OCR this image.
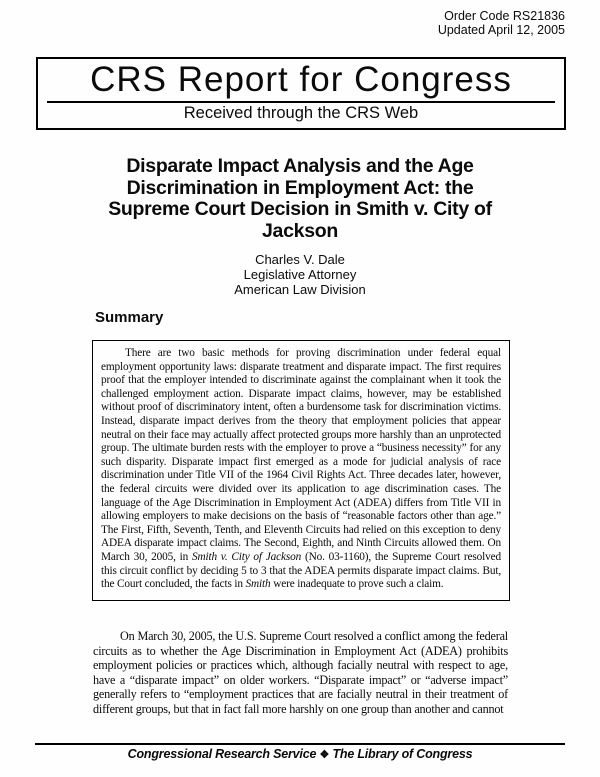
Order Code RS21836
Updated April 12, 2005
CRS Report for Congress
Received through the CRS Web
Disparate Impact Analysis and the Age
Discrimination in Employment Act: the
Supreme Court Decision in Smith v. City of
Jackson
Charles V. Dale
Legislative Attorney
American Law Division
Summary

There are two basic methods for proving discrimination under federal equal employment opportunity laws: disparate treatment and disparate impact. The first requires proof that the employer intended to discriminate against the complainant when it took the challenged employment action. Disparate impact claims, however, may be established without proof of discriminatory intent, often a burdensome task for discrimination victims. Instead, disparate impact derives from the theory that employment policies that appear neutral on their face may actually affect protected groups more harshly than an unprotected group. The ultimate burden rests with the employer to prove a “business necessity” for any such disparity. Disparate impact first emerged as a mode for judicial analysis of race discrimination under Title VII of the 1964 Civil Rights Act. Three decades later, however, the federal circuits were divided over its application to age discrimination cases. The language of the Age Discrimination in Employment Act (ADEA) differs from Title VII in allowing employers to make decisions on the basis of “reasonable factors other than age.” The First, Fifth, Seventh, Tenth, and Eleventh Circuits had relied on this exception to deny ADEA disparate impact claims. The Second, Eighth, and Ninth Circuits allowed them. On March 30, 2005, in Smith v. City of Jackson (No. 03-1160), the Supreme Court resolved this circuit conflict by deciding 5 to 3 that the ADEA permits disparate impact claims. But, the Court concluded, the facts in Smith were inadequate to prove such a claim.

On March 30, 2005, the U.S. Supreme Court resolved a conflict among the federal circuits as to whether the Age Discrimination in Employment Act (ADEA) prohibits employment policies or practices which, although facially neutral with respect to age, have a “disparate impact” on older workers. “Disparate impact” or “adverse impact” generally refers to “employment practices that are facially neutral in their treatment of different groups, but that in fact fall more harshly on one group than another and cannot

Congressional Research Service ❖ The Library of Congress
